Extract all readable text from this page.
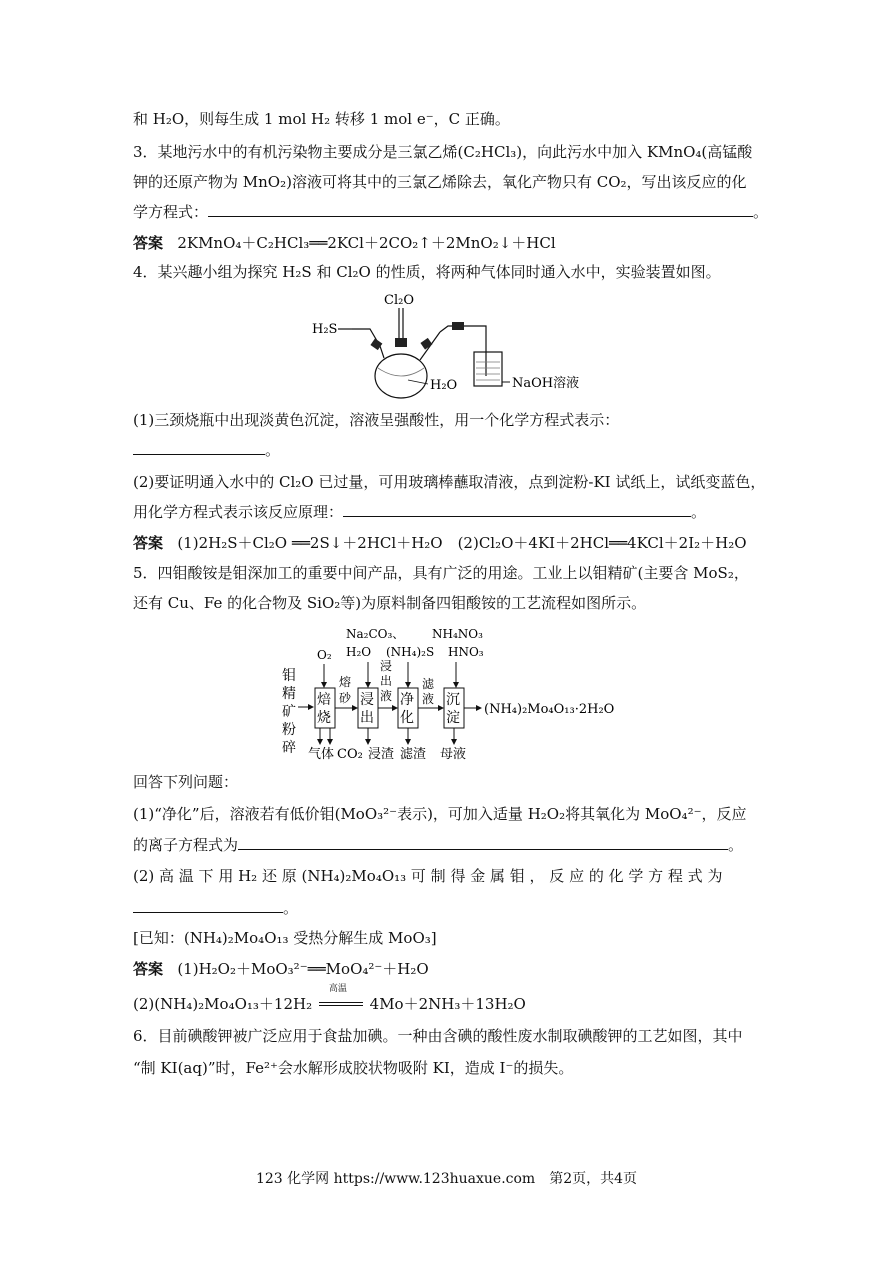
和 H₂O，则每生成 1 mol H₂ 转移 1 mol e⁻，C 正确。
3．某地污水中的有机污染物主要成分是三氯乙烯(C₂HCl₃)，向此污水中加入 KMnO₄(高锰酸
钾的还原产物为 MnO₂)溶液可将其中的三氯乙烯除去，氧化产物只有 CO₂，写出该反应的化
学方程式：	。
答案 2KMnO₄＋C₂HCl₃══2KCl＋2CO₂↑＋2MnO₂↓＋HCl
4．某兴趣小组为探究 H₂S 和 Cl₂O 的性质，将两种气体同时通入水中，实验装置如图。
Cl₂O
H₂S
H₂O	NaOH溶液
(1)三颈烧瓶中出现淡黄色沉淀，溶液呈强酸性，用一个化学方程式表示：
。
(2)要证明通入水中的 Cl₂O 已过量，可用玻璃棒蘸取清液，点到淀粉-KI 试纸上，试纸变蓝色，
用化学方程式表示该反应原理：	。
答案 (1)2H₂S＋Cl₂O ══2S↓＋2HCl＋H₂O　(2)Cl₂O＋4KI＋2HCl══4KCl＋2I₂＋H₂O
5．四钼酸铵是钼深加工的重要中间产品，具有广泛的用途。工业上以钼精矿(主要含 MoS₂，
还有 Cu、Fe 的化合物及 SiO₂等)为原料制备四钼酸铵的工艺流程如图所示。
钼
精
矿
粉
碎
O₂
Na₂CO₃、
H₂O (NH₄)₂S
NH₄NO₃
HNO₃
焙
烧
浸
出
净
化
沉
淀
熔
砂
浸
出
液
滤
液
(NH₄)₂Mo₄O₁₃·2H₂O
气体 CO₂ 浸渣 滤渣 母液
回答下列问题：
(1)“净化”后，溶液若有低价钼(MoO₃²⁻表示)，可加入适量 H₂O₂将其氧化为 MoO₄²⁻，反应
的离子方程式为	。
(2) 高 温 下 用 H₂ 还 原 (NH₄)₂Mo₄O₁₃ 可 制 得 金 属 钼 ， 反 应 的 化 学 方 程 式 为
。
[已知：(NH₄)₂Mo₄O₁₃ 受热分解生成 MoO₃]
答案 (1)H₂O₂＋MoO₃²⁻══MoO₄²⁻＋H₂O
(2)(NH₄)₂Mo₄O₁₃＋12H₂
高温
4Mo＋2NH₃＋13H₂O
6．目前碘酸钾被广泛应用于食盐加碘。一种由含碘的酸性废水制取碘酸钾的工艺如图，其中
“制 KI(aq)”时，Fe²⁺会水解形成胶状物吸附 KI，造成 I⁻的损失。
123 化学网 https://www.123huaxue.com　第2页，共4页
